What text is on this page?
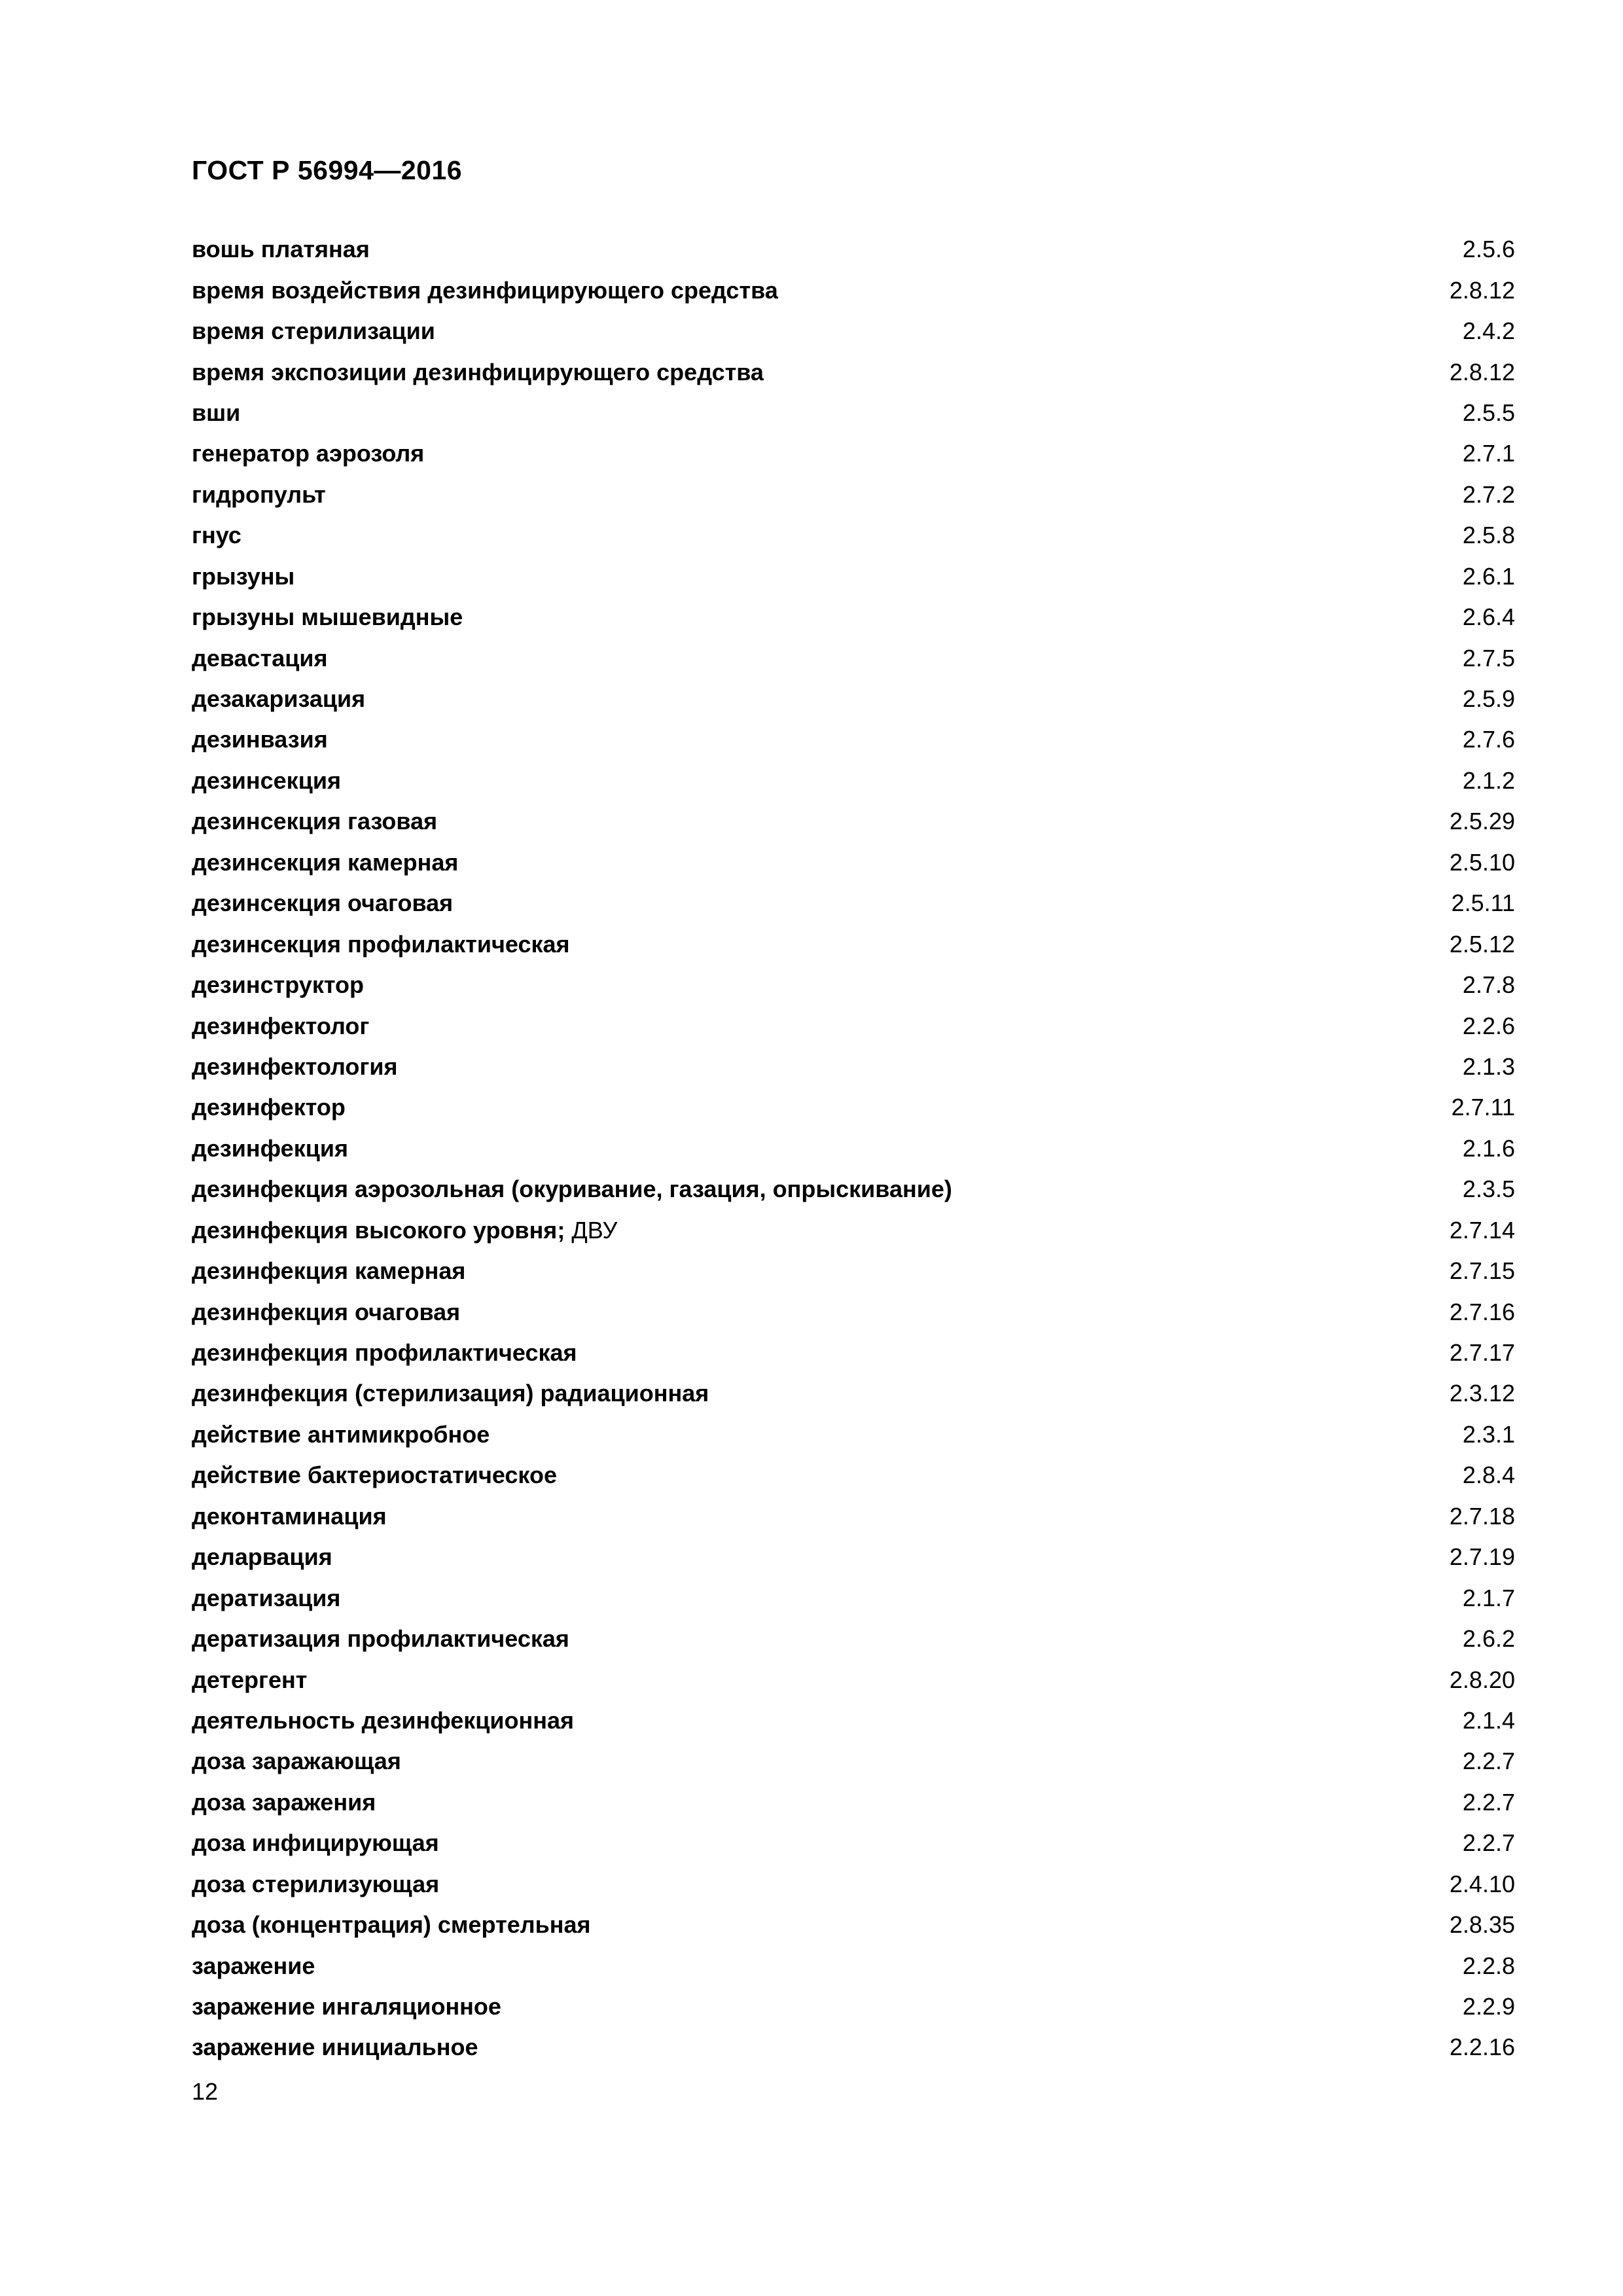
ГОСТ Р 56994—2016
вошь платяная	2.5.6
время воздействия дезинфицирующего средства	2.8.12
время стерилизации	2.4.2
время экспозиции дезинфицирующего средства	2.8.12
вши	2.5.5
генератор аэрозоля	2.7.1
гидропульт	2.7.2
гнус	2.5.8
грызуны	2.6.1
грызуны мышевидные	2.6.4
девастация	2.7.5
дезакаризация	2.5.9
дезинвазия	2.7.6
дезинсекция	2.1.2
дезинсекция газовая	2.5.29
дезинсекция камерная	2.5.10
дезинсекция очаговая	2.5.11
дезинсекция профилактическая	2.5.12
дезинструктор	2.7.8
дезинфектолог	2.2.6
дезинфектология	2.1.3
дезинфектор	2.7.11
дезинфекция	2.1.6
дезинфекция аэрозольная (окуривание, газация, опрыскивание)	2.3.5
дезинфекция высокого уровня; ДВУ	2.7.14
дезинфекция камерная	2.7.15
дезинфекция очаговая	2.7.16
дезинфекция профилактическая	2.7.17
дезинфекция (стерилизация) радиационная	2.3.12
действие антимикробное	2.3.1
действие бактериостатическое	2.8.4
деконтаминация	2.7.18
деларвация	2.7.19
дератизация	2.1.7
дератизация профилактическая	2.6.2
детергент	2.8.20
деятельность дезинфекционная	2.1.4
доза заражающая	2.2.7
доза заражения	2.2.7
доза инфицирующая	2.2.7
доза стерилизующая	2.4.10
доза (концентрация) смертельная	2.8.35
заражение	2.2.8
заражение ингаляционное	2.2.9
заражение инициальное	2.2.16
12
